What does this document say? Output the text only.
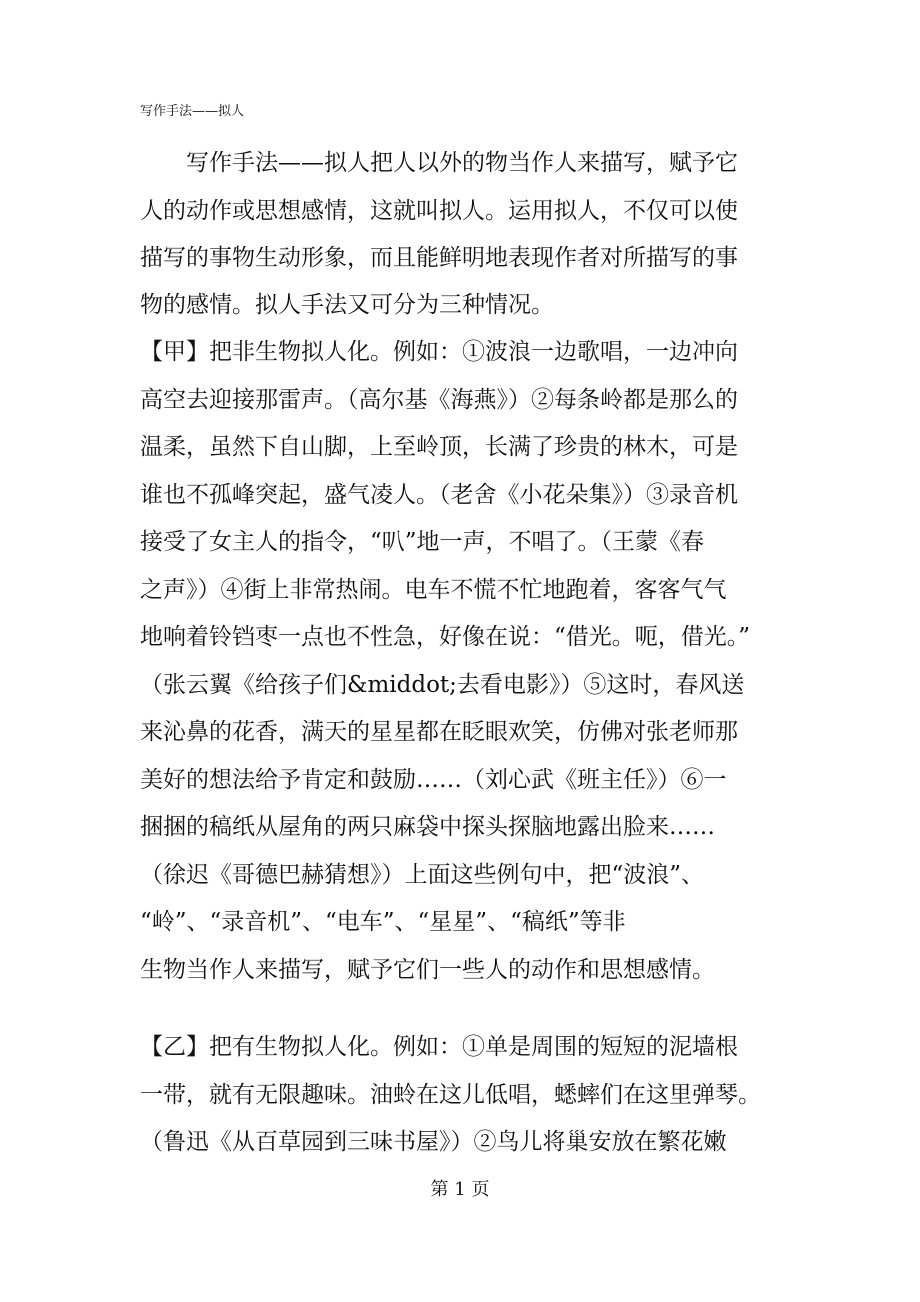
写作手法——拟人
　　写作手法——拟人把人以外的物当作人来描写，赋予它
人的动作或思想感情，这就叫拟人。运用拟人，不仅可以使
描写的事物生动形象，而且能鲜明地表现作者对所描写的事
物的感情。拟人手法又可分为三种情况。
【甲】把非生物拟人化。例如：①波浪一边歌唱，一边冲向
高空去迎接那雷声。（高尔基《海燕》）②每条岭都是那么的
温柔，虽然下自山脚，上至岭顶，长满了珍贵的林木，可是
谁也不孤峰突起，盛气凌人。（老舍《小花朵集》）③录音机
接受了女主人的指令，“叭”地一声，不唱了。（王蒙《春
之声》）④街上非常热闹。电车不慌不忙地跑着，客客气气
地响着铃铛枣一点也不性急，好像在说：“借光。呃，借光。”
（张云翼《给孩子们&middot;去看电影》）⑤这时，春风送
来沁鼻的花香，满天的星星都在眨眼欢笑，仿佛对张老师那
美好的想法给予肯定和鼓励……（刘心武《班主任》）⑥一
捆捆的稿纸从屋角的两只麻袋中探头探脑地露出脸来……
（徐迟《哥德巴赫猜想》）上面这些例句中，把“波浪”、
“岭”、“录音机”、“电车”、“星星”、“稿纸”等非
生物当作人来描写，赋予它们一些人的动作和思想感情。
【乙】把有生物拟人化。例如：①单是周围的短短的泥墙根
一带，就有无限趣味。油蛉在这儿低唱，蟋蟀们在这里弹琴。
（鲁迅《从百草园到三味书屋》）②鸟儿将巢安放在繁花嫩
第 1 页
